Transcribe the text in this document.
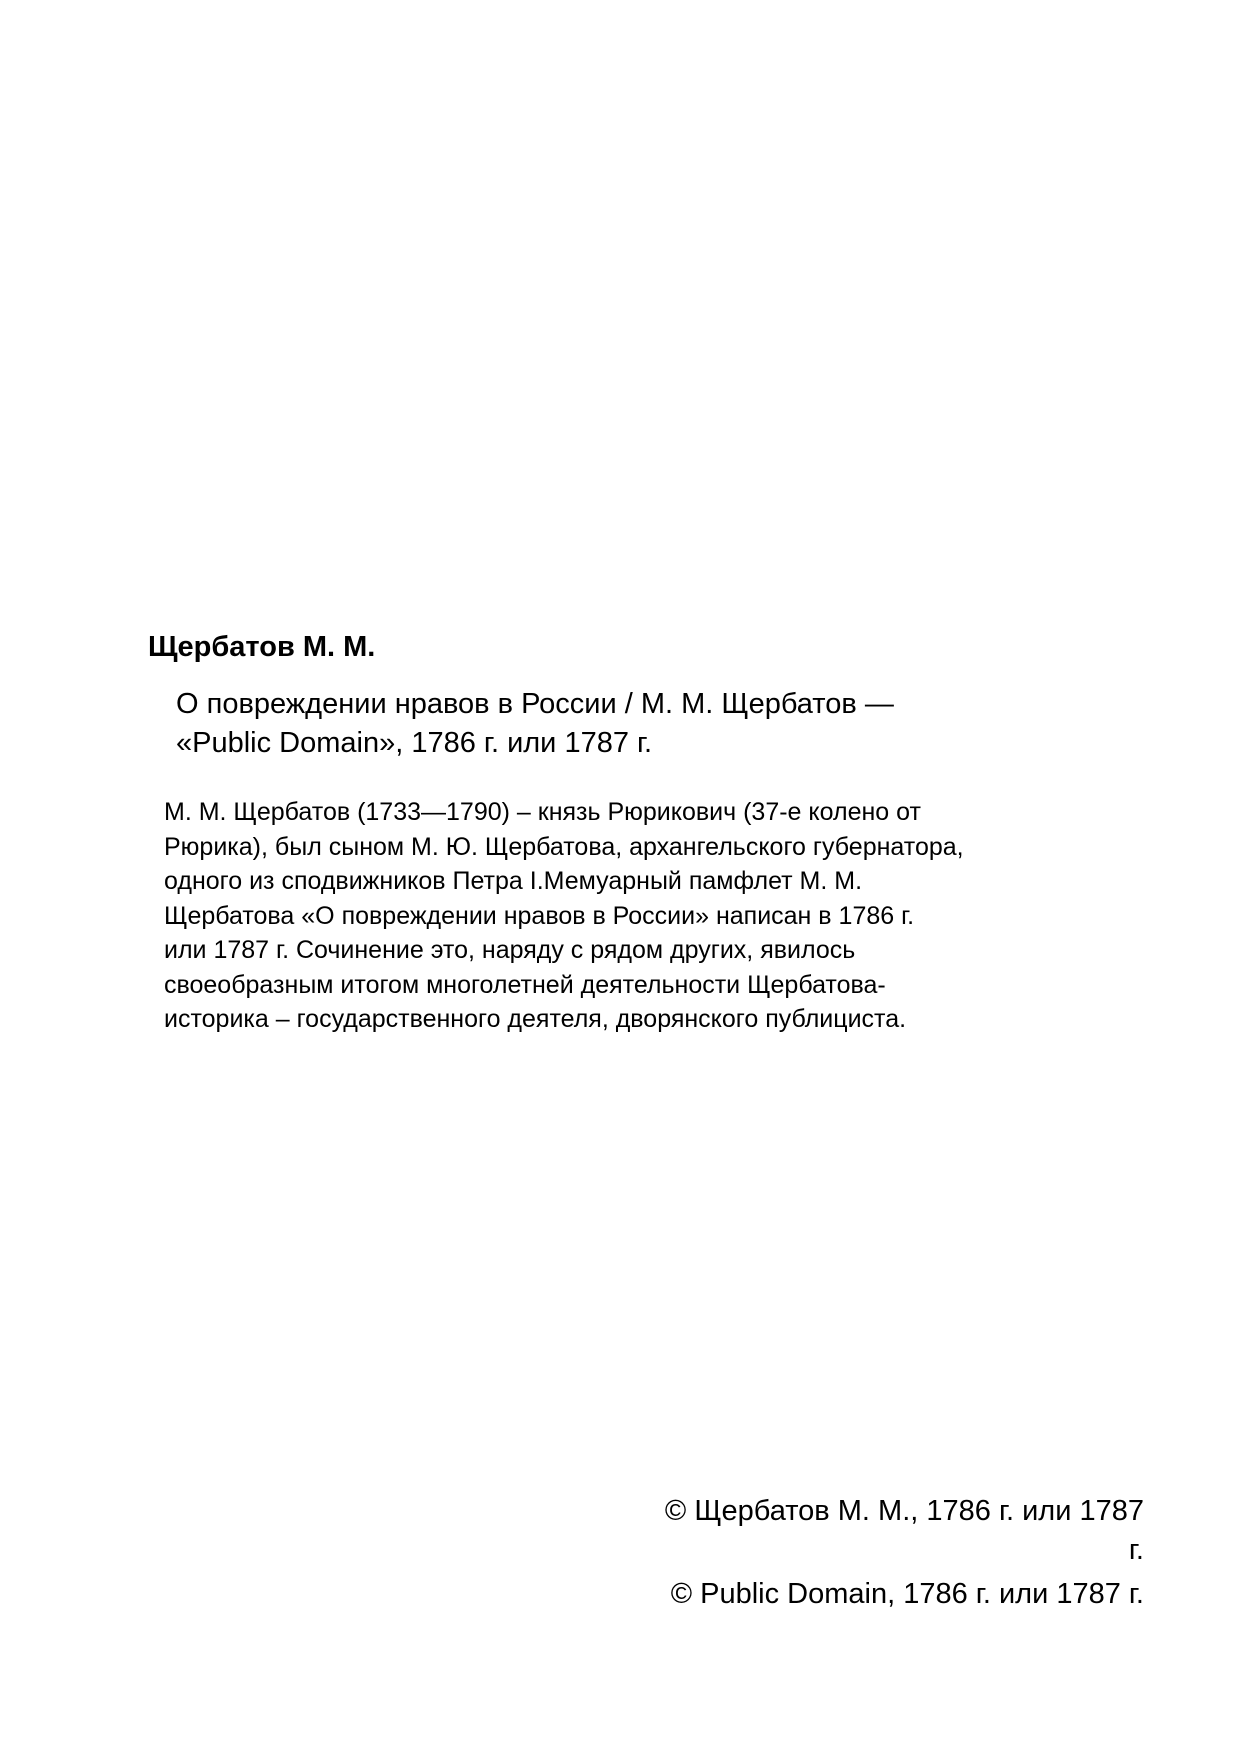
Щербатов М. М.
О повреждении нравов в России / М. М. Щербатов —
«Public Domain», 1786 г. или 1787 г.
М. М. Щербатов (1733—1790) – князь Рюрикович (37-е колено от
Рюрика), был сыном М. Ю. Щербатова, архангельского губернатора,
одного из сподвижников Петра I.Мемуарный памфлет М. М.
Щербатова «О повреждении нравов в России» написан в 1786 г.
или 1787 г. Сочинение это, наряду с рядом других, явилось
своеобразным итогом многолетней деятельности Щербатова-
историка – государственного деятеля, дворянского публициста.
© Щербатов М. М., 1786 г. или 1787
г.
© Public Domain, 1786 г. или 1787 г.
